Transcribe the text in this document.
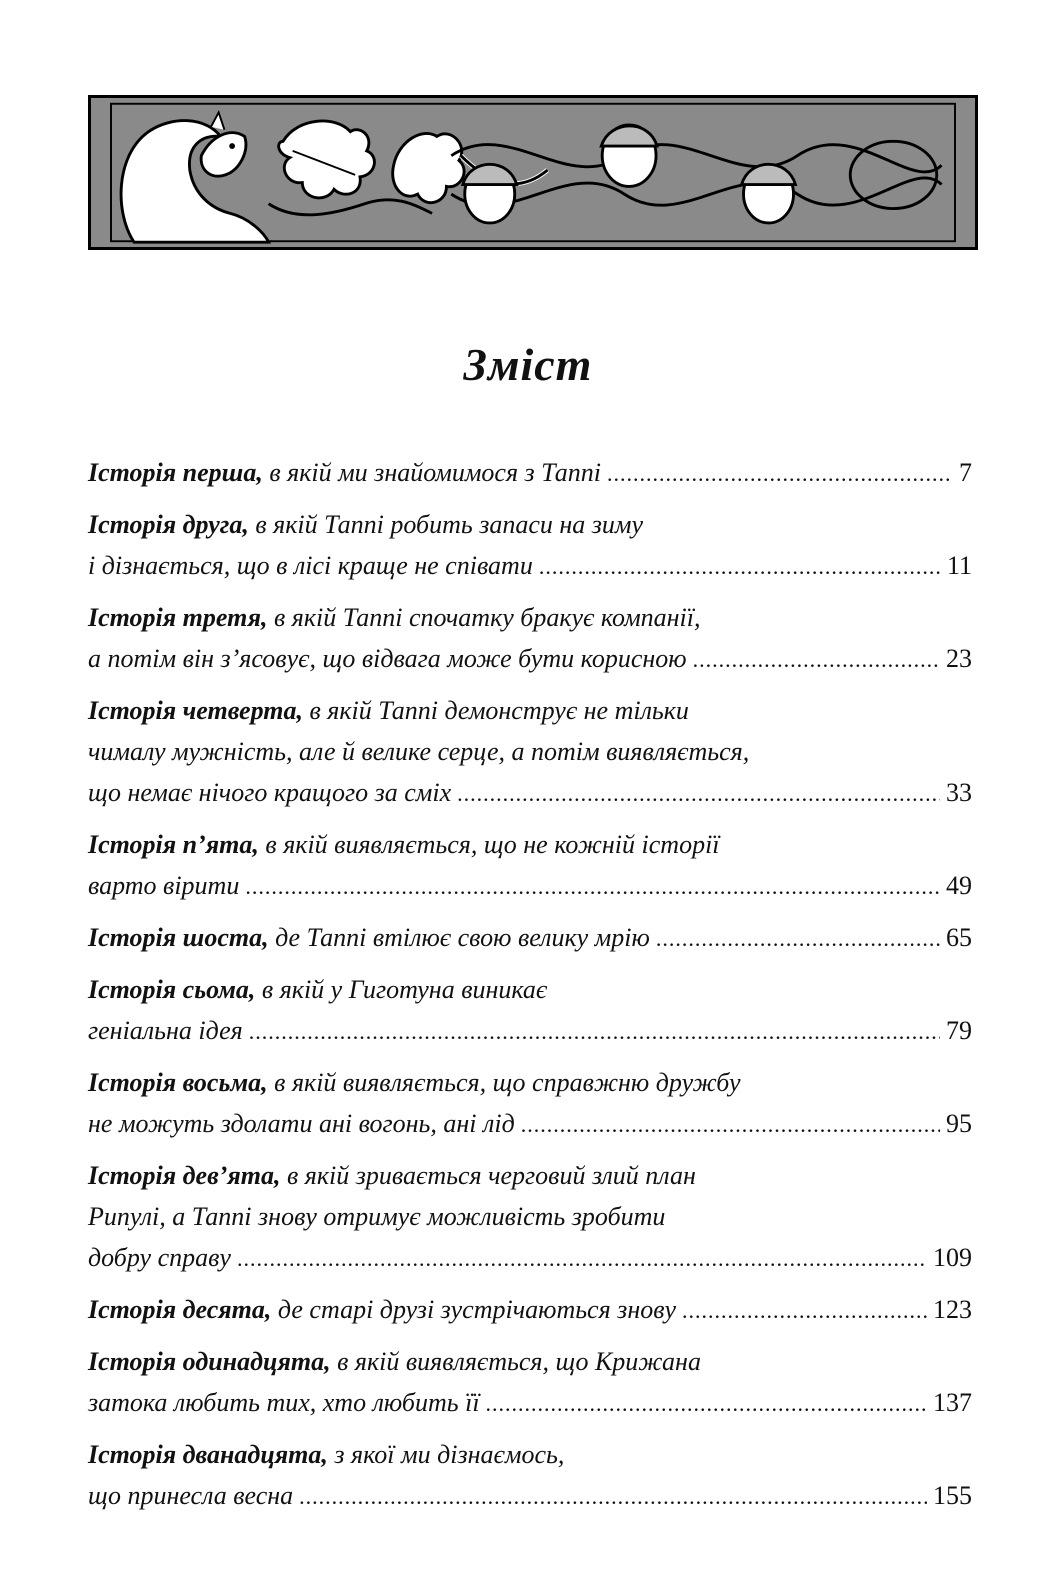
Зміст
Історія перша, в якій ми знайомимося з Таппі .....	7
Історія друга, в якій Таппі робить запаси на зиму
і дізнається, що в лісі краще не співати .....	11
Історія третя, в якій Таппі спочатку бракує компанії,
а потім він з’ясовує, що відвага може бути корисною .....	23
Історія четверта, в якій Таппі демонструє не тільки
чималу мужність, але й велике серце, а потім виявляється,
що немає нічого кращого за сміх .....	33
Історія п’ята, в якій виявляється, що не кожній історії
варто вірити .....	49
Історія шоста, де Таппі втілює свою велику мрію .....	65
Історія сьома, в якій у Гиготуна виникає
геніальна ідея .....	79
Історія восьма, в якій виявляється, що справжню дружбу
не можуть здолати ані вогонь, ані лід .....	95
Історія дев’ята, в якій зривається черговий злий план
Рипулі, а Таппі знову отримує можливість зробити
добру справу .....	109
Історія десята, де старі друзі зустрічаються знову .....	123
Історія одинадцята, в якій виявляється, що Крижана
затока любить тих, хто любить її .....	137
Історія дванадцята, з якої ми дізнаємось,
що принесла весна .....	155
